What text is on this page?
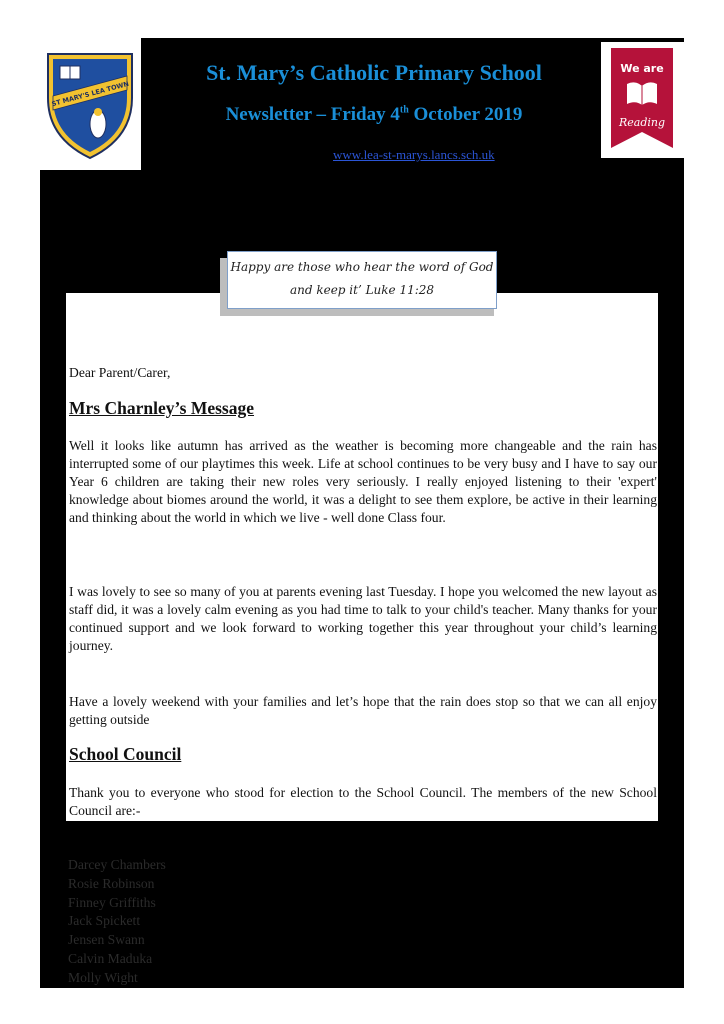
ST MARY'S LEA TOWN
We are
Reading
St. Mary’s Catholic Primary School
Newsletter – Friday 4th October 2019
www.lea-st-marys.lancs.sch.uk
Dear Parent/Carer,
Mrs Charnley’s Message

Well it looks like autumn has arrived as the weather is becoming more changeable and the rain has interrupted some of our playtimes this week. Life at school continues to be very busy and I have to say our Year 6 children are taking their new roles very seriously. I really enjoyed listening to their 'expert' knowledge about biomes around the world, it was a delight to see them explore, be active in their learning and thinking about the world in which we live - well done Class four.

I was lovely to see so many of you at parents evening last Tuesday. I hope you welcomed the new layout as staff did, it was a lovely calm evening as you had time to talk to your child's teacher. Many thanks for your continued support and we look forward to working together this year throughout your child’s learning journey.

Have a lovely weekend with your families and let’s hope that the rain does stop so that we can all enjoy getting outside

School Council

Thank you to everyone who stood for election to the School Council. The members of the new School Council are:-

Happy are those who hear the word of God
and keep it’ Luke 11:28
Darcey Chambers
Rosie Robinson
Finney Griffiths
Jack Spickett
Jensen Swann
Calvin Maduka
Molly Wight
